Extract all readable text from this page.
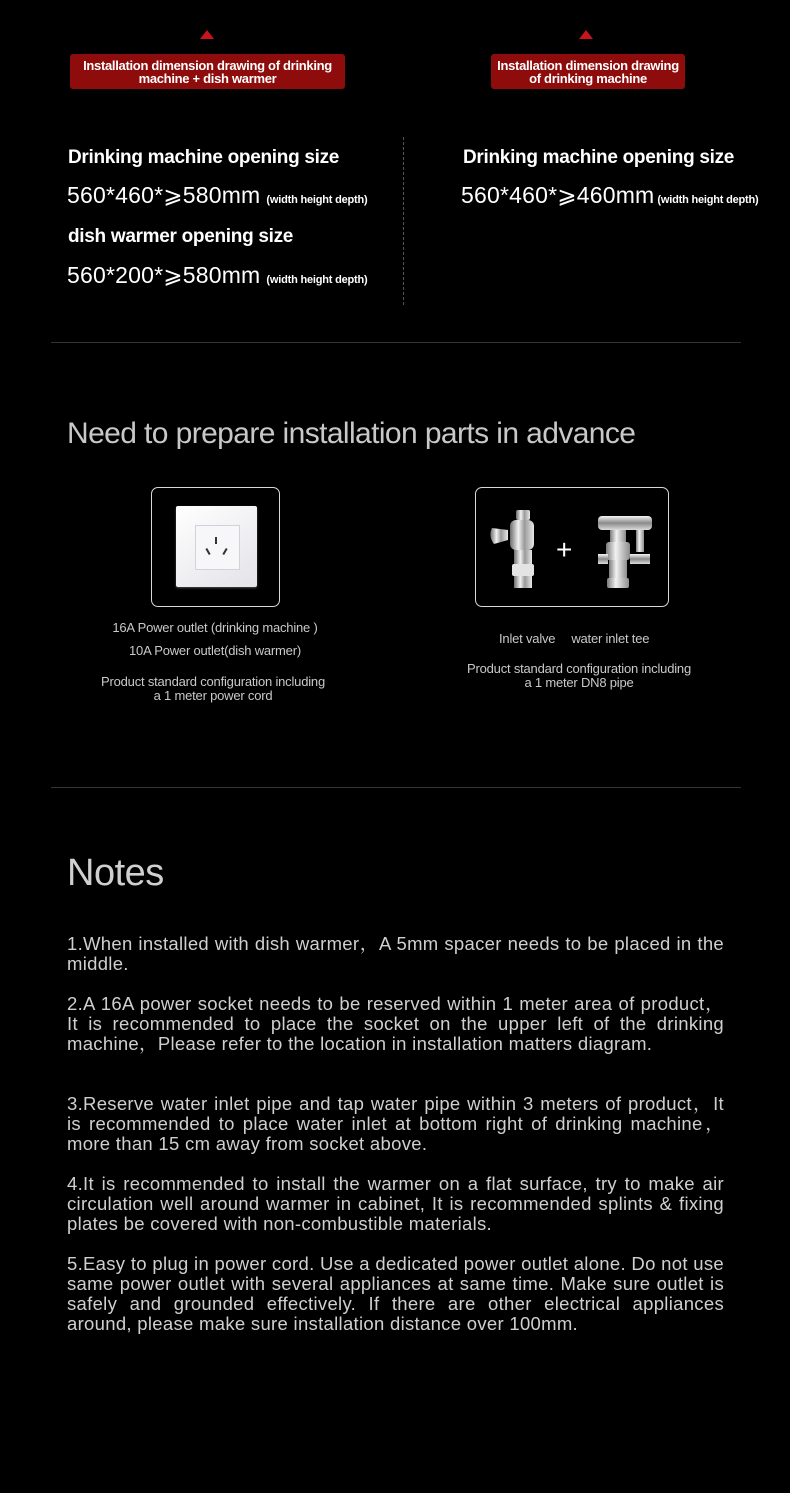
Installation dimension drawing of drinking
machine + dish warmer
Installation dimension drawing
of drinking machine
Drinking machine opening size
560*460*⩾580mm (width height depth)
dish warmer opening size
560*200*⩾580mm (width height depth)
Drinking machine opening size
560*460*⩾460mm (width height depth)
Need to prepare installation parts in advance
16A Power outlet (drinking machine )
10A Power outlet(dish warmer)
Product standard configuration including
a 1 meter power cord
+
Inlet valve water inlet tee
Product standard configuration including
a 1 meter DN8 pipe
Notes
1.When installed with dish warmer，A 5mm spacer needs to be placed in the middle.
2.A 16A power socket needs to be reserved within 1 meter area of product，It is recommended to place the socket on the upper left of the drinking machine，Please refer to the location in installation matters diagram.
3.Reserve water inlet pipe and tap water pipe within 3 meters of product，It is recommended to place water inlet at bottom right of drinking machine，more than 15 cm away from socket above.
4.It is recommended to install the warmer on a flat surface, try to make air circulation well around warmer in cabinet, It is recommended splints & fixing plates be covered with non-combustible materials.
5.Easy to plug in power cord. Use a dedicated power outlet alone. Do not use same power outlet with several appliances at same time. Make sure outlet is safely and grounded effectively. If there are other electrical appliances around, please make sure installation distance over 100mm.
